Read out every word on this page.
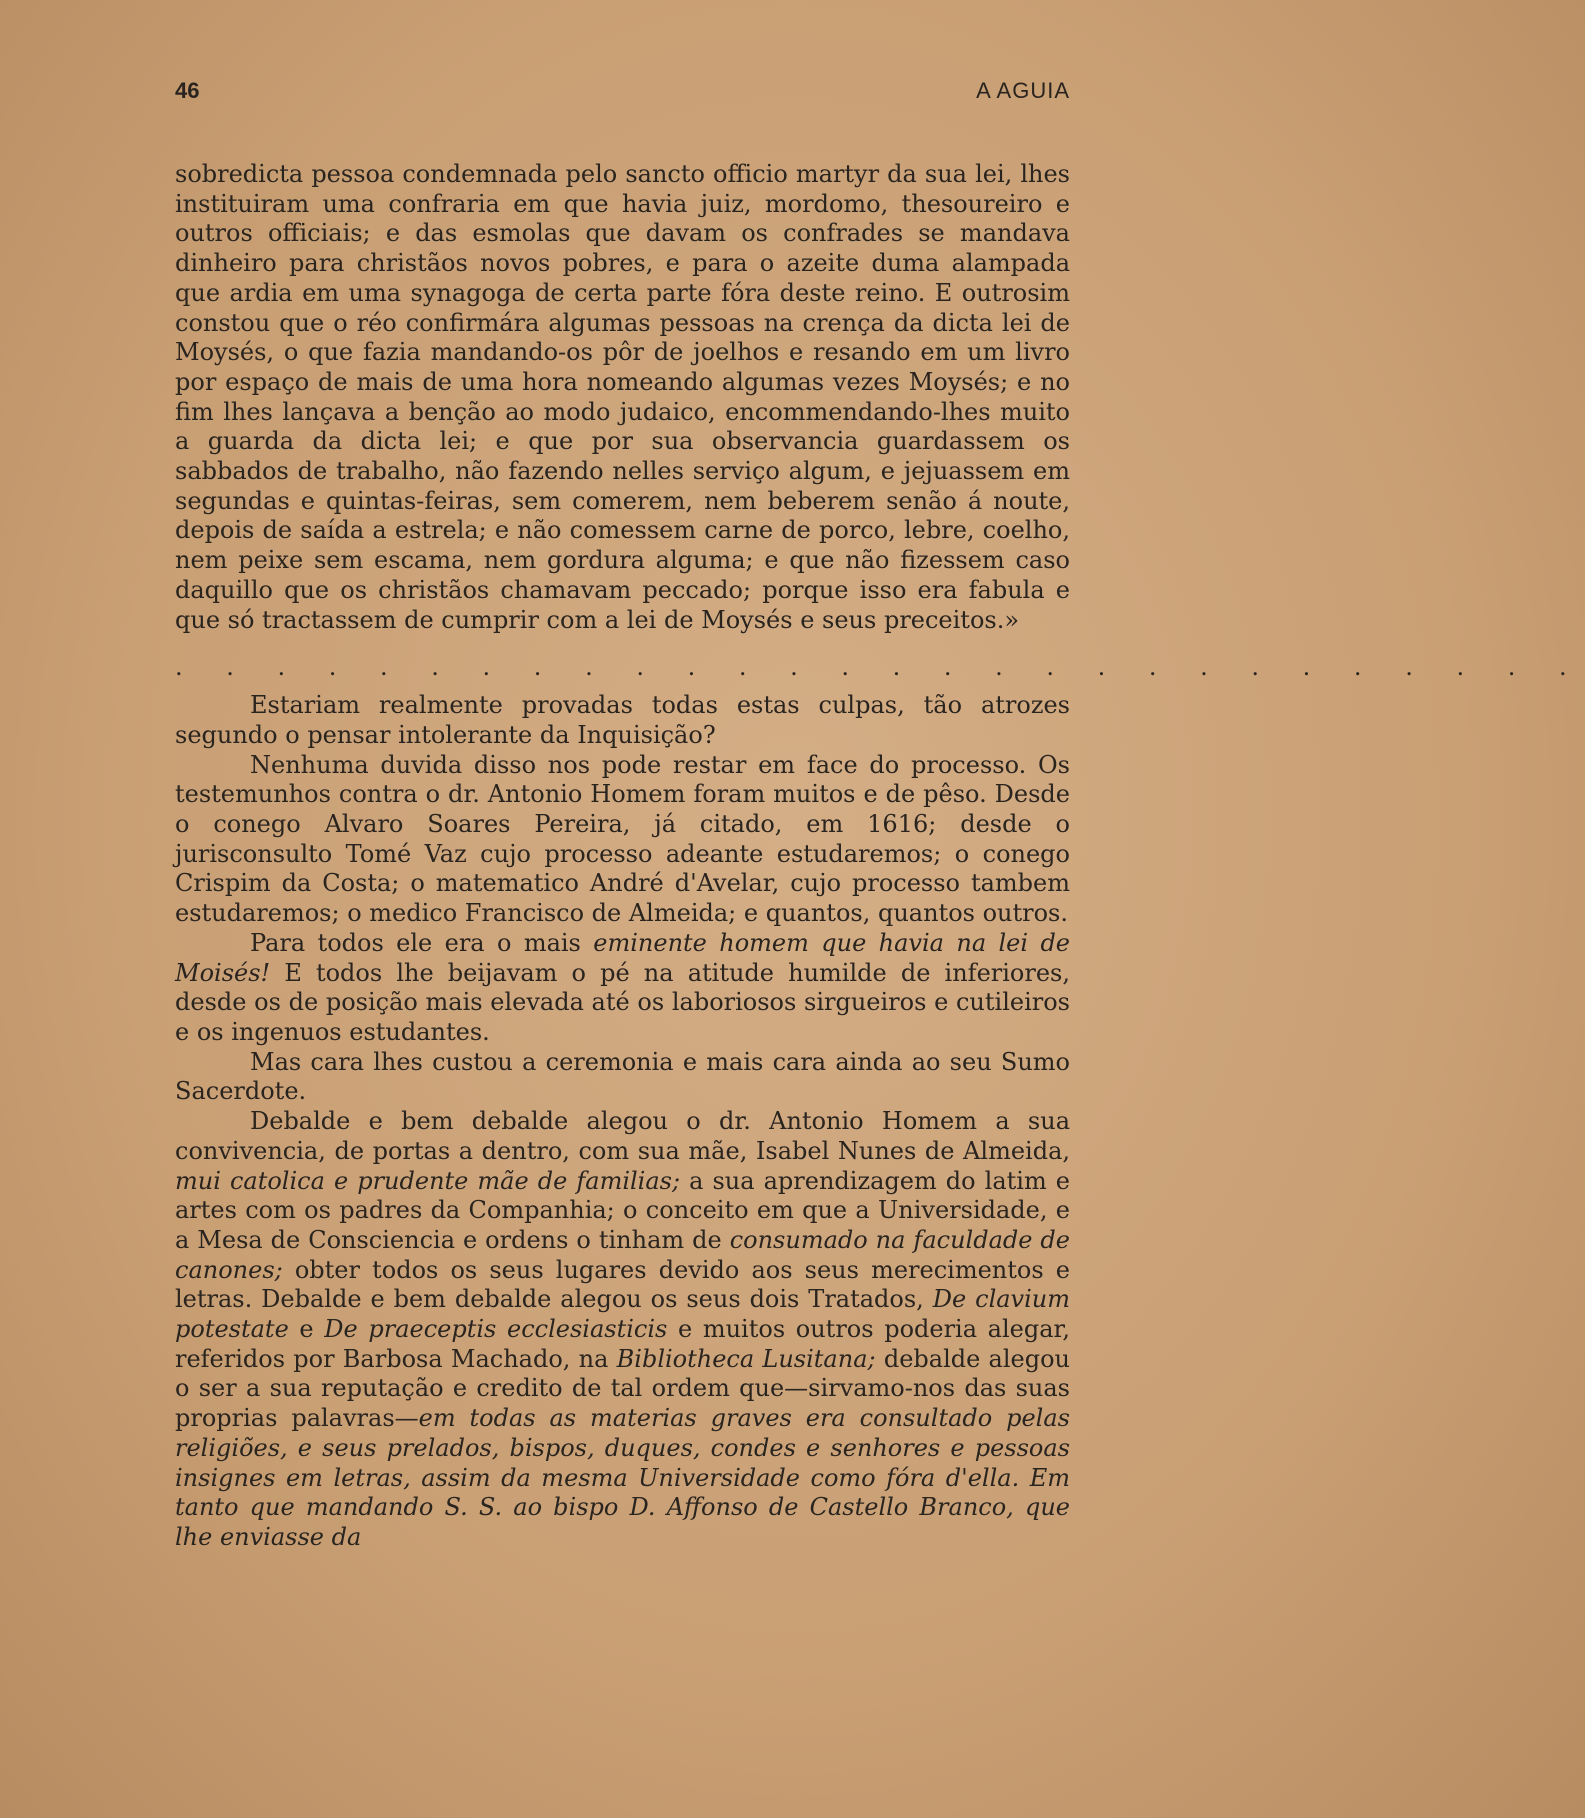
46	A AGUIA

sobredicta pessoa condemnada pelo sancto officio martyr da sua lei, lhes instituiram uma confraria em que havia juiz, mordomo, thesoureiro e outros officiais; e das esmolas que davam os confrades se mandava dinheiro para christãos novos pobres, e para o azeite duma alampada que ardia em uma synagoga de certa parte fóra deste reino. E outrosim constou que o réo confirmára algumas pessoas na crença da dicta lei de Moysés, o que fazia mandando-os pôr de joelhos e resando em um livro por espaço de mais de uma hora nomeando algumas vezes Moysés; e no fim lhes lançava a benção ao modo judaico, encommendando-lhes muito a guarda da dicta lei; e que por sua observancia guardassem os sabbados de trabalho, não fazendo nelles serviço algum, e jejuassem em segundas e quintas-feiras, sem comerem, nem beberem senão á noute, depois de saída a estrela; e não comessem carne de porco, lebre, coelho, nem peixe sem escama, nem gordura alguma; e que não fizessem caso daquillo que os christãos chamavam peccado; porque isso era fabula e que só tractassem de cumprir com a lei de Moysés e seus preceitos.»

. . . . . . . . . . . . . . . . . . . . . . . . . . . .

Estariam realmente provadas todas estas culpas, tão atrozes segundo o pensar intolerante da Inquisição?

Nenhuma duvida disso nos pode restar em face do processo. Os testemunhos contra o dr. Antonio Homem foram muitos e de pêso. Desde o conego Alvaro Soares Pereira, já citado, em 1616; desde o jurisconsulto Tomé Vaz cujo processo adeante estudaremos; o conego Crispim da Costa; o matematico André d'Avelar, cujo processo tambem estudaremos; o medico Francisco de Almeida; e quantos, quantos outros.

Para todos ele era o mais eminente homem que havia na lei de Moisés! E todos lhe beijavam o pé na atitude humilde de inferiores, desde os de posição mais elevada até os laboriosos sirgueiros e cutileiros e os ingenuos estudantes.

Mas cara lhes custou a ceremonia e mais cara ainda ao seu Sumo Sacerdote.

Debalde e bem debalde alegou o dr. Antonio Homem a sua convivencia, de portas a dentro, com sua mãe, Isabel Nunes de Almeida, mui catolica e prudente mãe de familias; a sua aprendizagem do latim e artes com os padres da Companhia; o conceito em que a Universidade, e a Mesa de Consciencia e ordens o tinham de consumado na faculdade de canones; obter todos os seus lugares devido aos seus merecimentos e letras. Debalde e bem debalde alegou os seus dois Tratados, De clavium potestate e De praeceptis ecclesiasticis e muitos outros poderia alegar, referidos por Barbosa Machado, na Bibliotheca Lusitana; debalde alegou o ser a sua reputação e credito de tal ordem que—sirvamo-nos das suas proprias palavras—em todas as materias graves era consultado pelas religiões, e seus prelados, bispos, duques, condes e senhores e pessoas insignes em letras, assim da mesma Universidade como fóra d'ella. Em tanto que mandando S. S. ao bispo D. Affonso de Castello Branco, que lhe enviasse da
